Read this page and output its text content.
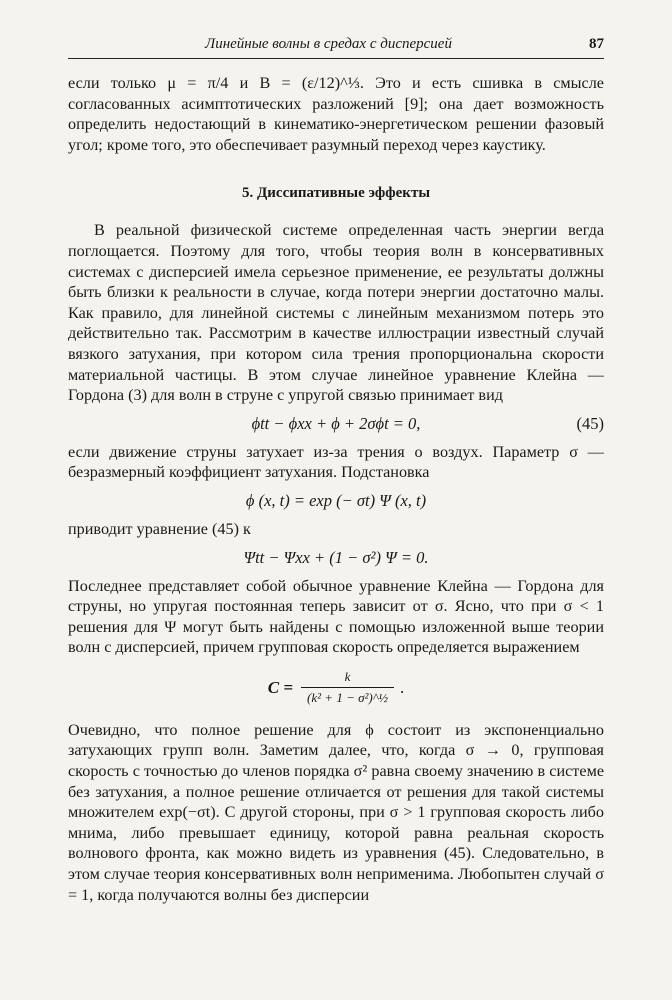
Линейные волны в средах с дисперсией	87

если только μ = π/4 и B = (ε/12)^⅓. Это и есть сшивка в смысле согласованных асимптотических разложений [9]; она дает возможность определить недостающий в кинематико-энергетическом решении фазовый угол; кроме того, это обеспечивает разумный переход через каустику.

5. Диссипативные эффекты

В реальной физической системе определенная часть энергии вегда поглощается. Поэтому для того, чтобы теория волн в консервативных системах с дисперсией имела серьезное применение, ее результаты должны быть близки к реальности в случае, когда потери энергии достаточно малы. Как правило, для линейной системы с линейным механизмом потерь это действительно так. Рассмотрим в качестве иллюстрации известный случай вязкого затухания, при котором сила трения пропорциональна скорости материальной частицы. В этом случае линейное уравнение Клейна — Гордона (3) для волн в струне с упругой связью принимает вид

ϕtt − ϕxx + ϕ + 2σϕt = 0,	(45)

если движение струны затухает из-за трения о воздух. Параметр σ — безразмерный коэффициент затухания. Подстановка

ϕ (x, t) = exp (− σt) Ψ (x, t)

приводит уравнение (45) к

Ψtt − Ψxx + (1 − σ²) Ψ = 0.

Последнее представляет собой обычное уравнение Клейна — Гордона для струны, но упругая постоянная теперь зависит от σ. Ясно, что при σ < 1 решения для Ψ могут быть найдены с помощью изложенной выше теории волн с дисперсией, причем групповая скорость определяется выражением

$C = \frac{k}{\text{(k² + 1 − σ²)\textasciicircum{}½}}$ .

Очевидно, что полное решение для ϕ состоит из экспоненциально затухающих групп волн. Заметим далее, что, когда σ → 0, групповая скорость с точностью до членов порядка σ² равна своему значению в системе без затухания, а полное решение отличается от решения для такой системы множителем exp(−σt). С другой стороны, при σ > 1 групповая скорость либо мнима, либо превышает единицу, которой равна реальная скорость волнового фронта, как можно видеть из уравнения (45). Следовательно, в этом случае теория консервативных волн неприменима. Любопытен случай σ = 1, когда получаются волны без дисперсии
